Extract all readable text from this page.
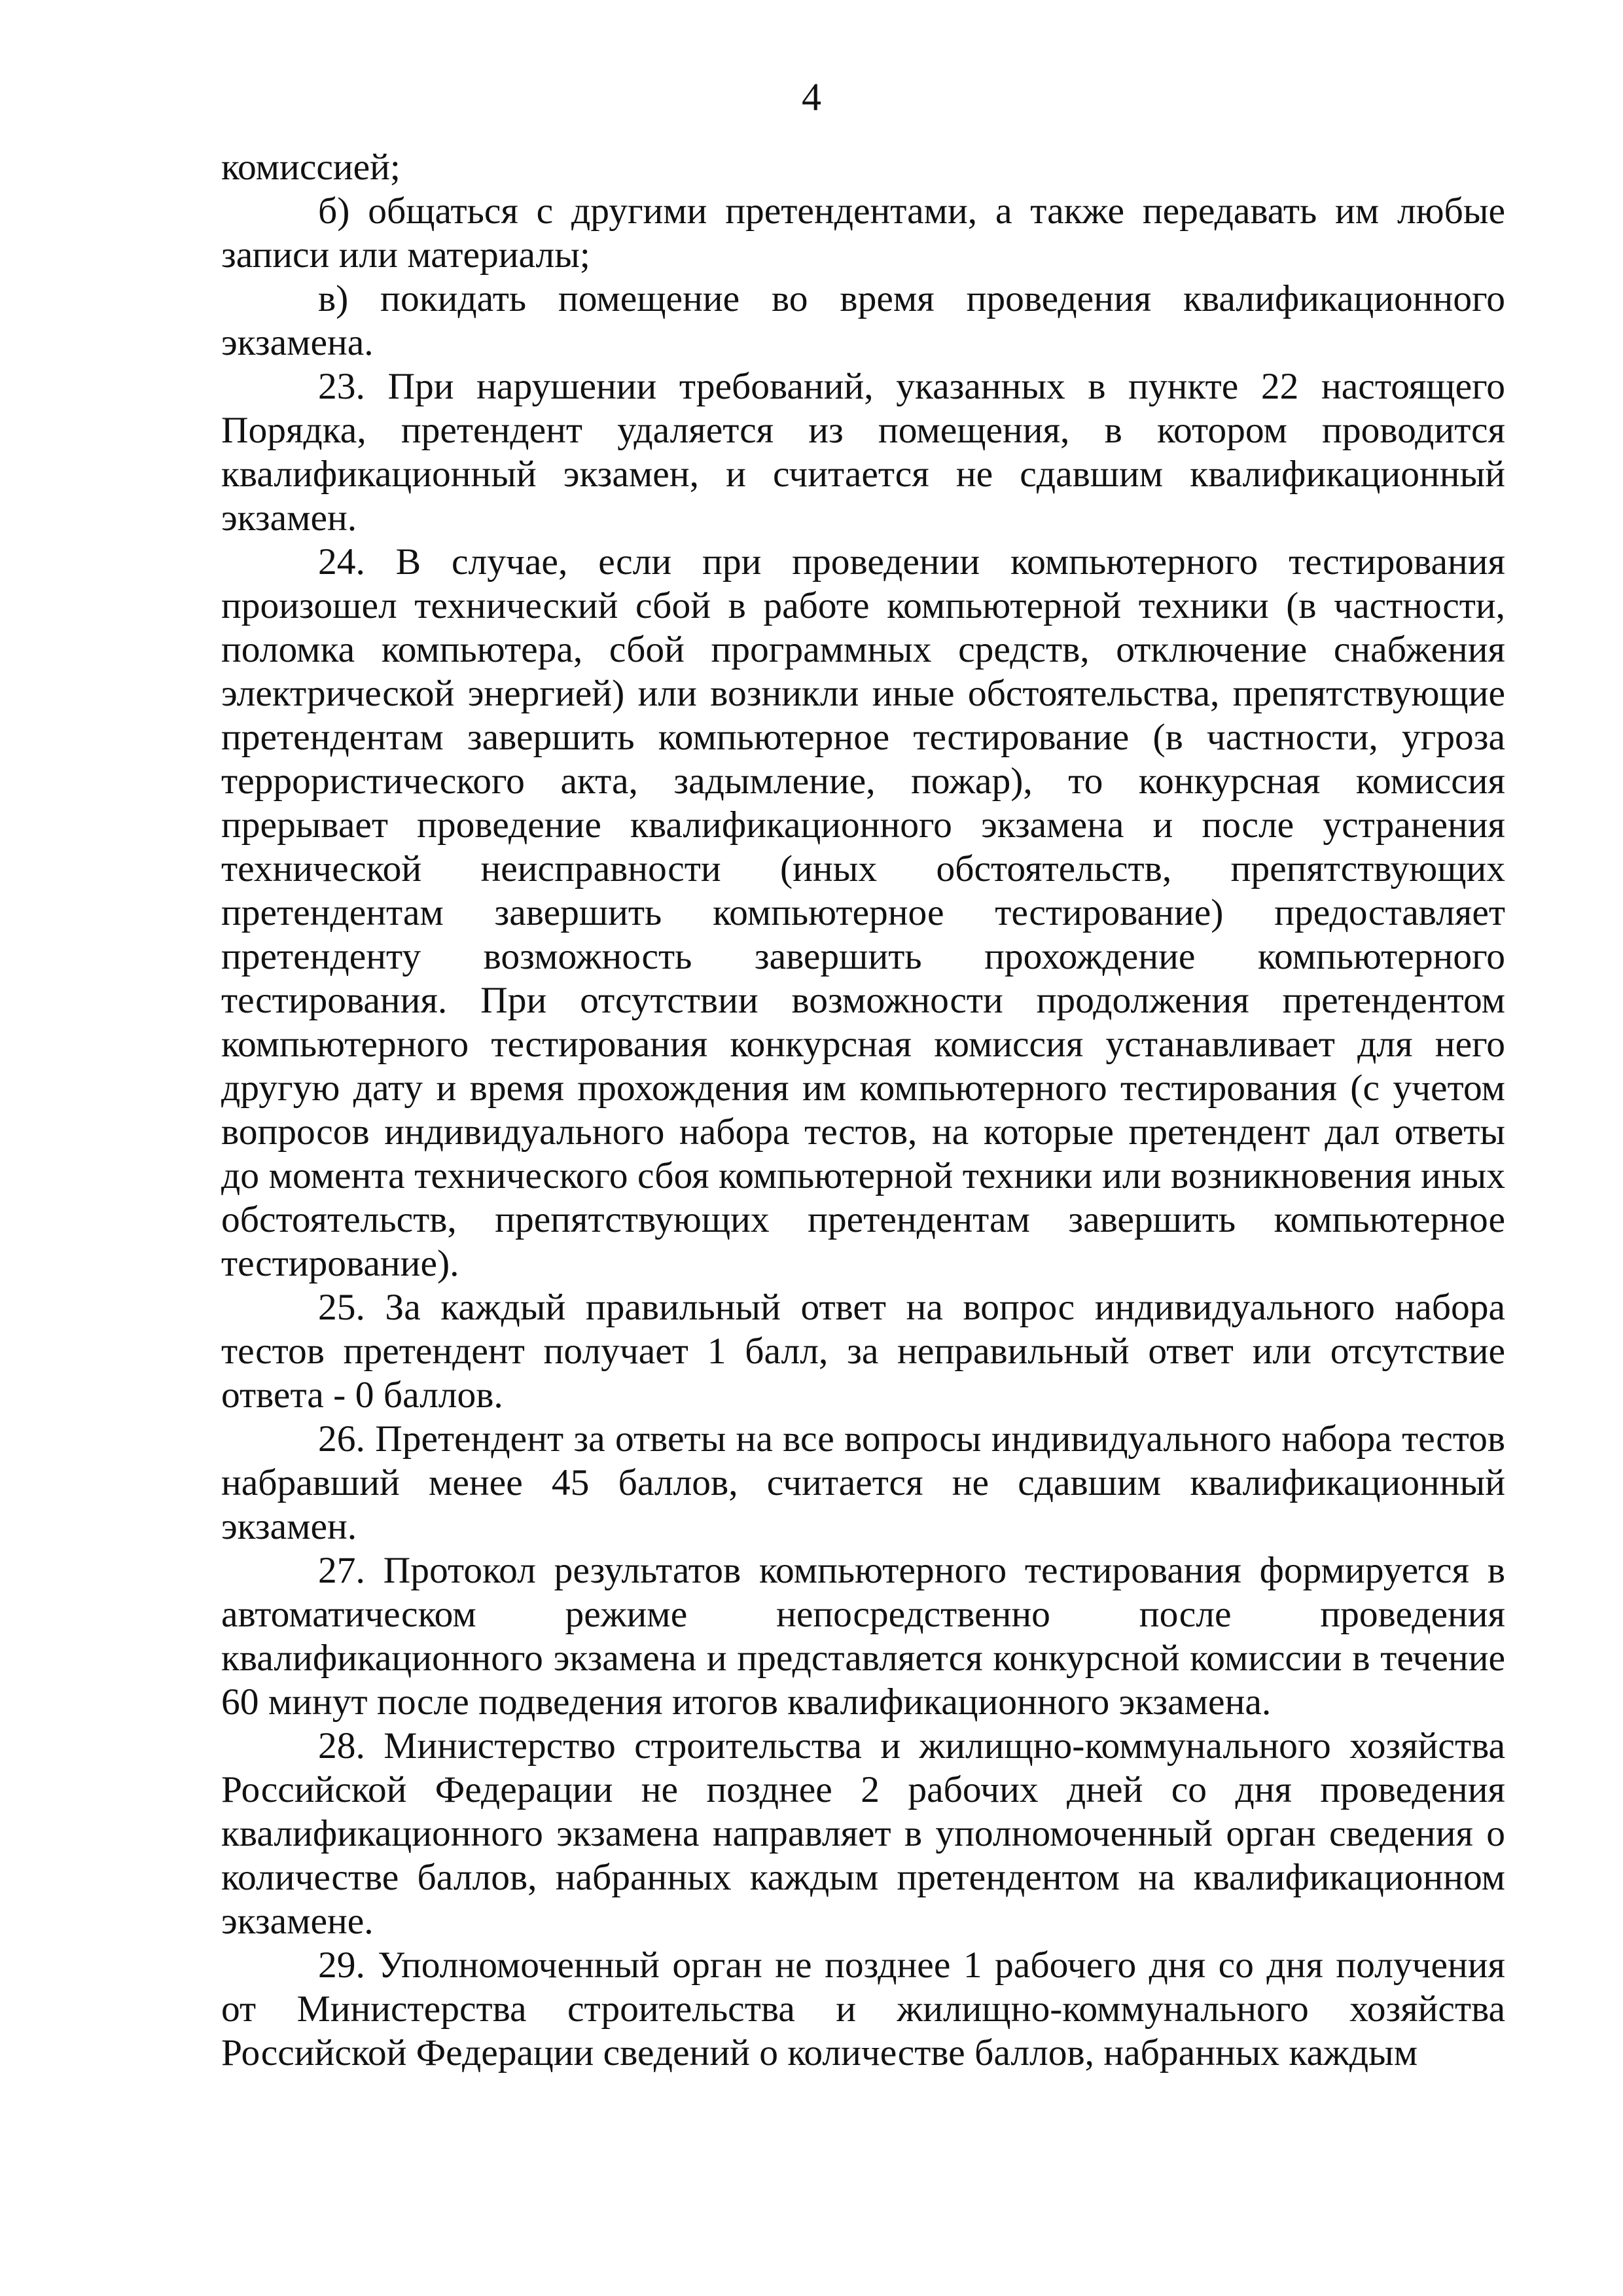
4

комиссией;

б) общаться с другими претендентами, а также передавать им любые записи или материалы;

в) покидать помещение во время проведения квалификационного экзамена.

23. При нарушении требований, указанных в пункте 22 настоящего Порядка, претендент удаляется из помещения, в котором проводится квалификационный экзамен, и считается не сдавшим квалификационный экзамен.

24. В случае, если при проведении компьютерного тестирования произошел технический сбой в работе компьютерной техники (в частности, поломка компьютера, сбой программных средств, отключение снабжения электрической энергией) или возникли иные обстоятельства, препятствующие претендентам завершить компьютерное тестирование (в частности, угроза террористического акта, задымление, пожар), то конкурсная комиссия прерывает проведение квалификационного экзамена и после устранения технической неисправности (иных обстоятельств, препятствующих претендентам завершить компьютерное тестирование) предоставляет претенденту возможность завершить прохождение компьютерного тестирования. При отсутствии возможности продолжения претендентом компьютерного тестирования конкурсная комиссия устанавливает для него другую дату и время прохождения им компьютерного тестирования (с учетом вопросов индивидуального набора тестов, на которые претендент дал ответы до момента технического сбоя компьютерной техники или возникновения иных обстоятельств, препятствующих претендентам завершить компьютерное тестирование).

25. За каждый правильный ответ на вопрос индивидуального набора тестов претендент получает 1 балл, за неправильный ответ или отсутствие ответа - 0 баллов.

26. Претендент за ответы на все вопросы индивидуального набора тестов набравший менее 45 баллов, считается не сдавшим квалификационный экзамен.

27. Протокол результатов компьютерного тестирования формируется в автоматическом режиме непосредственно после проведения квалификационного экзамена и представляется конкурсной комиссии в течение 60 минут после подведения итогов квалификационного экзамена.

28. Министерство строительства и жилищно-коммунального хозяйства Российской Федерации не позднее 2 рабочих дней со дня проведения квалификационного экзамена направляет в уполномоченный орган сведения о количестве баллов, набранных каждым претендентом на квалификационном экзамене.

29. Уполномоченный орган не позднее 1 рабочего дня со дня получения от Министерства строительства и жилищно-коммунального хозяйства Российской Федерации сведений о количестве баллов, набранных каждым
